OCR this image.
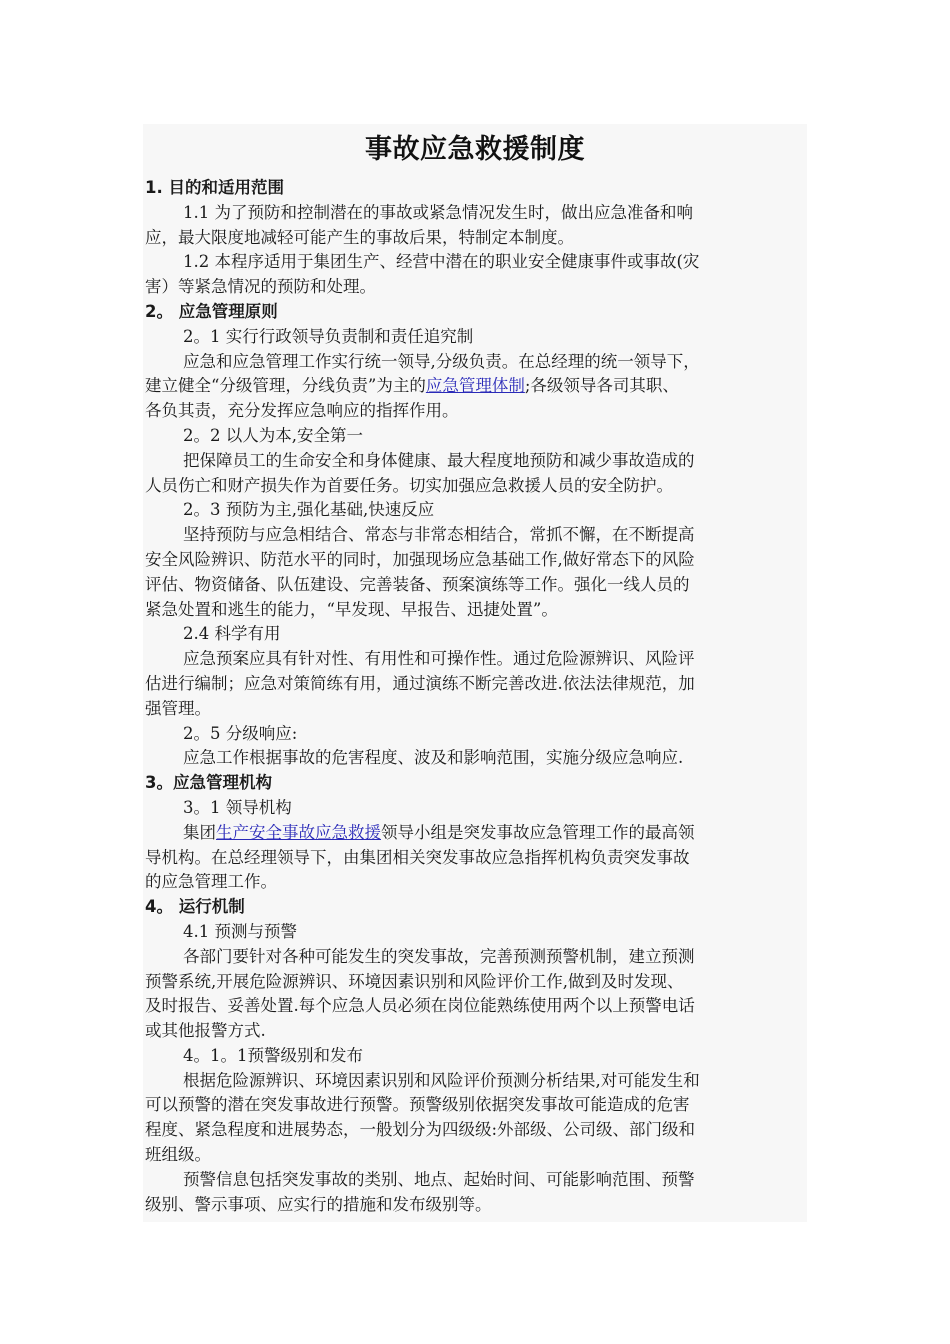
事故应急救援制度
1. 目的和适用范围
1.1 为了预防和控制潜在的事故或紧急情况发生时，做出应急准备和响
应，最大限度地减轻可能产生的事故后果，特制定本制度。
1.2 本程序适用于集团生产、经营中潜在的职业安全健康事件或事故(灾
害）等紧急情况的预防和处理。
2。 应急管理原则
2。1 实行行政领导负责制和责任追究制
应急和应急管理工作实行统一领导,分级负责。在总经理的统一领导下，
建立健全“分级管理，分线负责”为主的应急管理体制;各级领导各司其职、
各负其责，充分发挥应急响应的指挥作用。
2。2 以人为本,安全第一
把保障员工的生命安全和身体健康、最大程度地预防和减少事故造成的
人员伤亡和财产损失作为首要任务。切实加强应急救援人员的安全防护。
2。3 预防为主,强化基础,快速反应
坚持预防与应急相结合、常态与非常态相结合，常抓不懈，在不断提高
安全风险辨识、防范水平的同时，加强现场应急基础工作,做好常态下的风险
评估、物资储备、队伍建设、完善装备、预案演练等工作。强化一线人员的
紧急处置和逃生的能力，“早发现、早报告、迅捷处置”。
2.4 科学有用
应急预案应具有针对性、有用性和可操作性。通过危险源辨识、风险评
估进行编制；应急对策简练有用，通过演练不断完善改进.依法法律规范，加
强管理。
2。5 分级响应:
应急工作根据事故的危害程度、波及和影响范围，实施分级应急响应.
3。应急管理机构
3。1 领导机构
集团生产安全事故应急救援领导小组是突发事故应急管理工作的最高领
导机构。在总经理领导下，由集团相关突发事故应急指挥机构负责突发事故
的应急管理工作。
4。 运行机制
4.1 预测与预警
各部门要针对各种可能发生的突发事故，完善预测预警机制，建立预测
预警系统,开展危险源辨识、环境因素识别和风险评价工作,做到及时发现、
及时报告、妥善处置.每个应急人员必须在岗位能熟练使用两个以上预警电话
或其他报警方式.
4。1。1预警级别和发布
根据危险源辨识、环境因素识别和风险评价预测分析结果,对可能发生和
可以预警的潜在突发事故进行预警。预警级别依据突发事故可能造成的危害
程度、紧急程度和进展势态，一般划分为四级级:外部级、公司级、部门级和
班组级。
预警信息包括突发事故的类别、地点、起始时间、可能影响范围、预警
级别、警示事项、应实行的措施和发布级别等。
